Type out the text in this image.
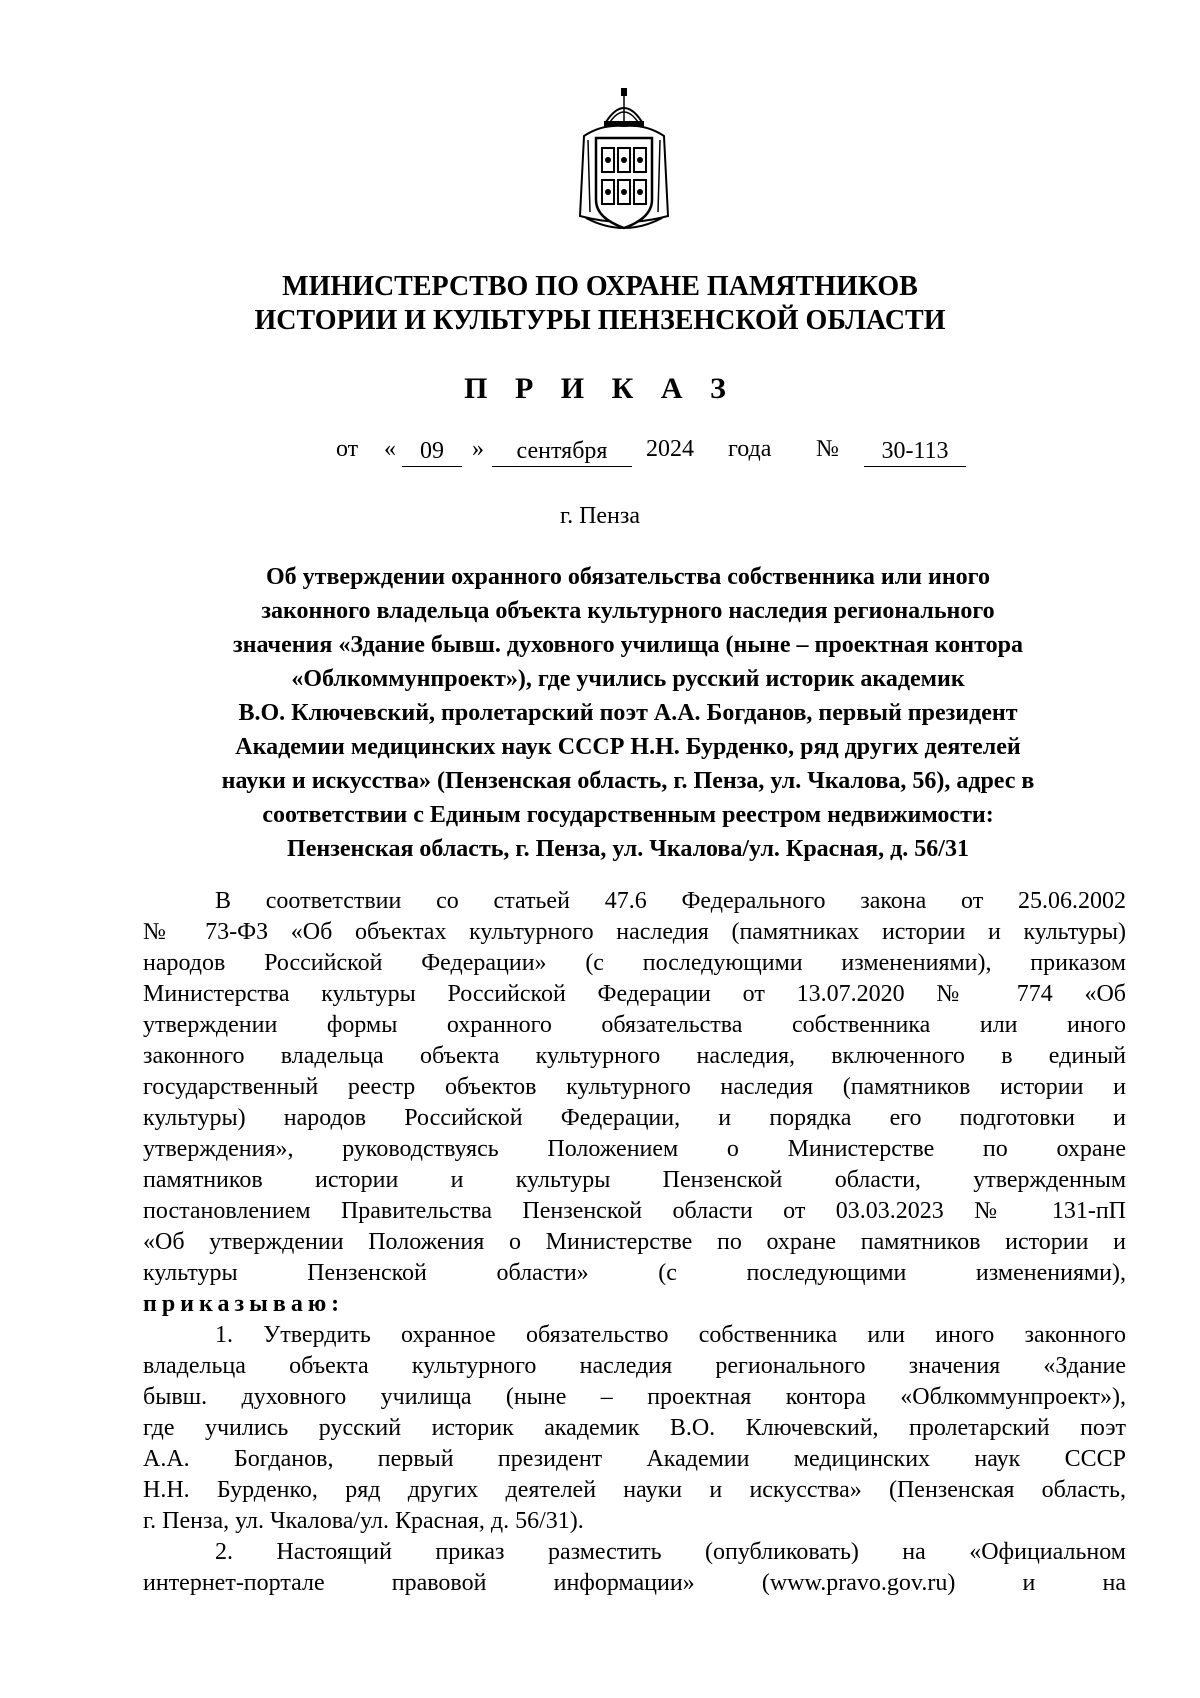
МИНИСТЕРСТВО ПО ОХРАНЕ ПАМЯТНИКОВ
ИСТОРИИ И КУЛЬТУРЫ ПЕНЗЕНСКОЙ ОБЛАСТИ
П Р И К А З
от «	09	»	сентября	2024 года №	30-113
г. Пенза
Об утверждении охранного обязательства собственника или иного
законного владельца объекта культурного наследия регионального
значения «Здание бывш. духовного училища (ныне – проектная контора
«Облкоммунпроект»), где учились русский историк академик
В.О. Ключевский, пролетарский поэт А.А. Богданов, первый президент
Академии медицинских наук СССР Н.Н. Бурденко, ряд других деятелей
науки и искусства» (Пензенская область, г. Пенза, ул. Чкалова, 56), адрес в
соответствии с Единым государственным реестром недвижимости:
Пензенская область, г. Пенза, ул. Чкалова/ул. Красная, д. 56/31

В соответствии со статьей 47.6 Федерального закона от 25.06.2002
№ 73-ФЗ «Об объектах культурного наследия (памятниках истории и культуры)
народов Российской Федерации» (с последующими изменениями), приказом
Министерства культуры Российской Федерации от 13.07.2020 № 774 «Об
утверждении формы охранного обязательства собственника или иного
законного владельца объекта культурного наследия, включенного в единый
государственный реестр объектов культурного наследия (памятников истории и
культуры) народов Российской Федерации, и порядка его подготовки и
утверждения», руководствуясь Положением о Министерстве по охране
памятников истории и культуры Пензенской области, утвержденным
постановлением Правительства Пензенской области от 03.03.2023 № 131-пП
«Об утверждении Положения о Министерстве по охране памятников истории и
культуры Пензенской области» (с последующими изменениями),
приказываю:

1. Утвердить охранное обязательство собственника или иного законного
владельца объекта культурного наследия регионального значения «Здание
бывш. духовного училища (ныне – проектная контора «Облкоммунпроект»),
где учились русский историк академик В.О. Ключевский, пролетарский поэт
А.А. Богданов, первый президент Академии медицинских наук СССР
Н.Н. Бурденко, ряд других деятелей науки и искусства» (Пензенская область,
г. Пенза, ул. Чкалова/ул. Красная, д. 56/31).

2. Настоящий приказ разместить (опубликовать) на «Официальном
интернет-портале правовой информации» (www.pravo.gov.ru) и на
